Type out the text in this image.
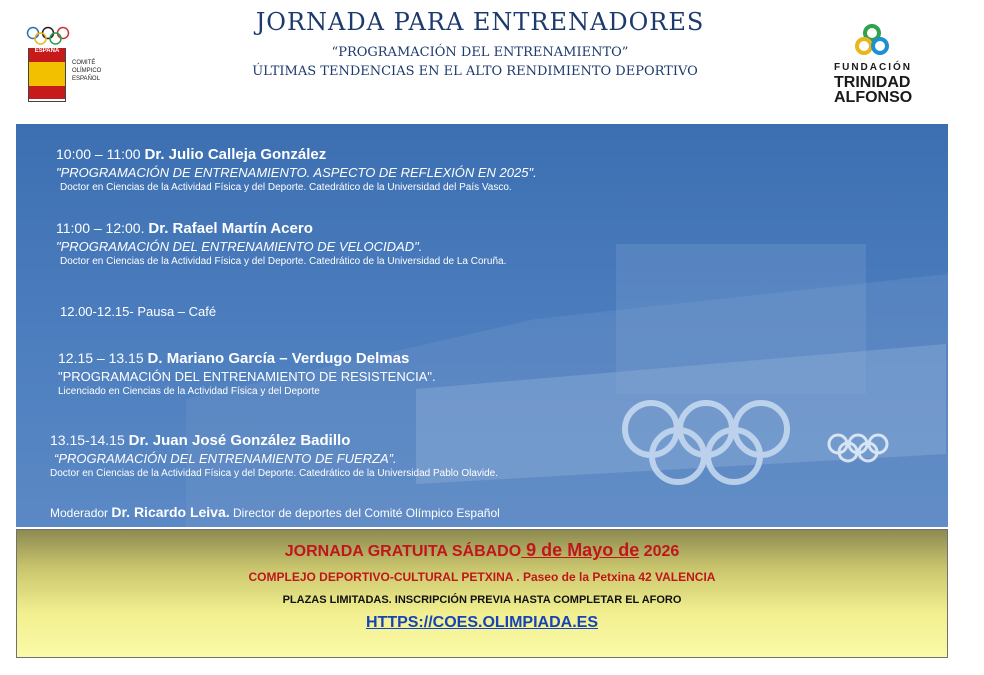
ESPAÑA
COMITÉ OLÍMPICO ESPAÑOL
JORNADA PARA ENTRENADORES
“PROGRAMACIÓN DEL ENTRENAMIENTO”
ÚLTIMAS TENDENCIAS EN EL ALTO RENDIMIENTO DEPORTIVO	FUNDACIÓN
TRINIDAD
ALFONSO
10:00 – 11:00 Dr. Julio Calleja González
"PROGRAMACIÓN DE ENTRENAMIENTO. ASPECTO DE REFLEXIÓN EN 2025".
Doctor en Ciencias de la Actividad Física y del Deporte. Catedrático de la Universidad del País Vasco.
11:00 – 12:00. Dr. Rafael Martín Acero
"PROGRAMACIÓN DEL ENTRENAMIENTO DE VELOCIDAD".
Doctor en Ciencias de la Actividad Física y del Deporte. Catedrático de la Universidad de La Coruña.
12.00-12.15- Pausa – Café
12.15 – 13.15 D. Mariano García – Verdugo Delmas
"PROGRAMACIÓN DEL ENTRENAMIENTO DE RESISTENCIA".
Licenciado en Ciencias de la Actividad Física y del Deporte
13.15-14.15 Dr. Juan José González Badillo
“PROGRAMACIÓN DEL ENTRENAMIENTO DE FUERZA”.
Doctor en Ciencias de la Actividad Física y del Deporte. Catedrático de la Universidad Pablo Olavide.
Moderador Dr. Ricardo Leiva. Director de deportes del Comité Olímpico Español
JORNADA GRATUITA SÁBADO 9 de Mayo de 2026
COMPLEJO DEPORTIVO-CULTURAL PETXINA . Paseo de la Petxina 42 VALENCIA
PLAZAS LIMITADAS. INSCRIPCIÓN PREVIA HASTA COMPLETAR EL AFORO
HTTPS://COES.OLIMPIADA.ES
